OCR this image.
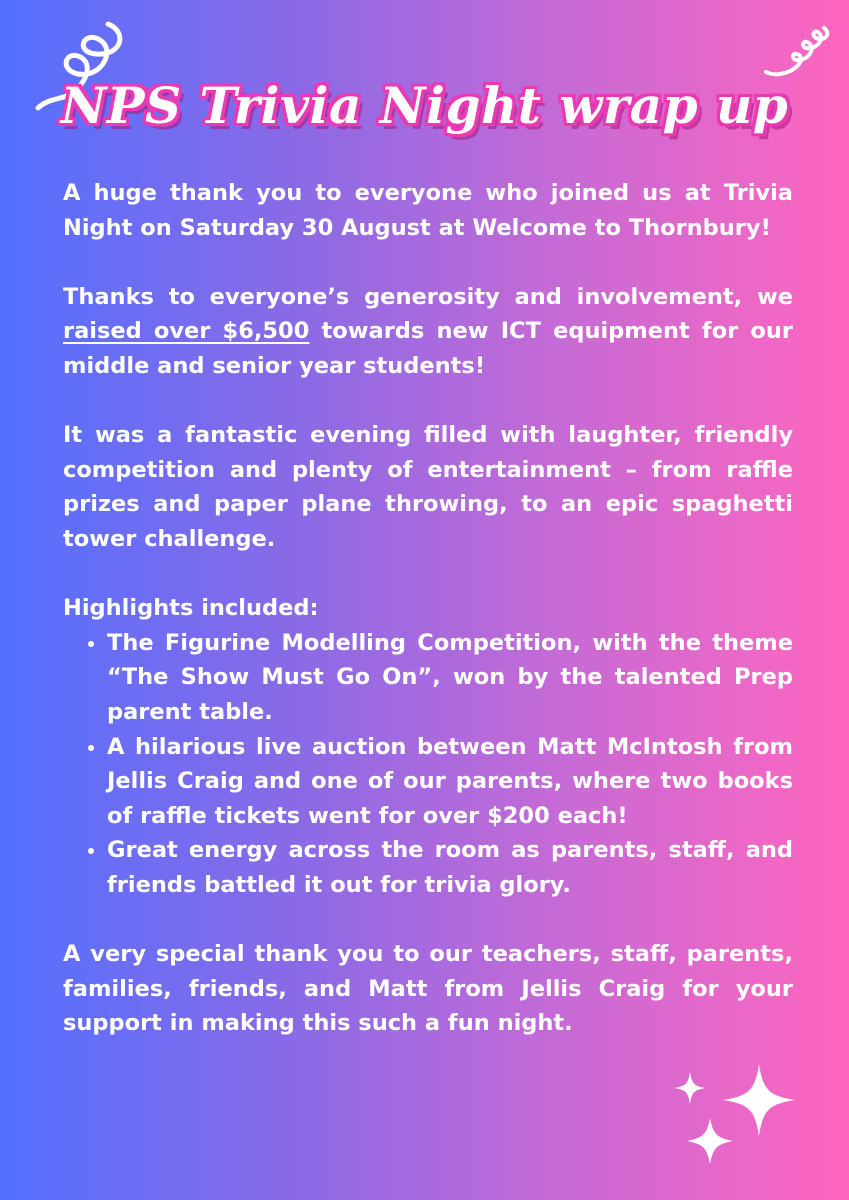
NPS Trivia Night wrap up

A huge thank you to everyone who joined us at Trivia Night on Saturday 30 August at Welcome to Thornbury!

Thanks to everyone’s generosity and involvement, we raised over $6,500 towards new ICT equipment for our middle and senior year students!

It was a fantastic evening filled with laughter, friendly competition and plenty of entertainment – from raffle prizes and paper plane throwing, to an epic spaghetti tower challenge.

Highlights included:
• The Figurine Modelling Competition, with the theme “The Show Must Go On”, won by the talented Prep parent table.
• A hilarious live auction between Matt McIntosh from Jellis Craig and one of our parents, where two books of raffle tickets went for over $200 each!
• Great energy across the room as parents, staff, and friends battled it out for trivia glory.

A very special thank you to our teachers, staff, parents, families, friends, and Matt from Jellis Craig for your support in making this such a fun night.
